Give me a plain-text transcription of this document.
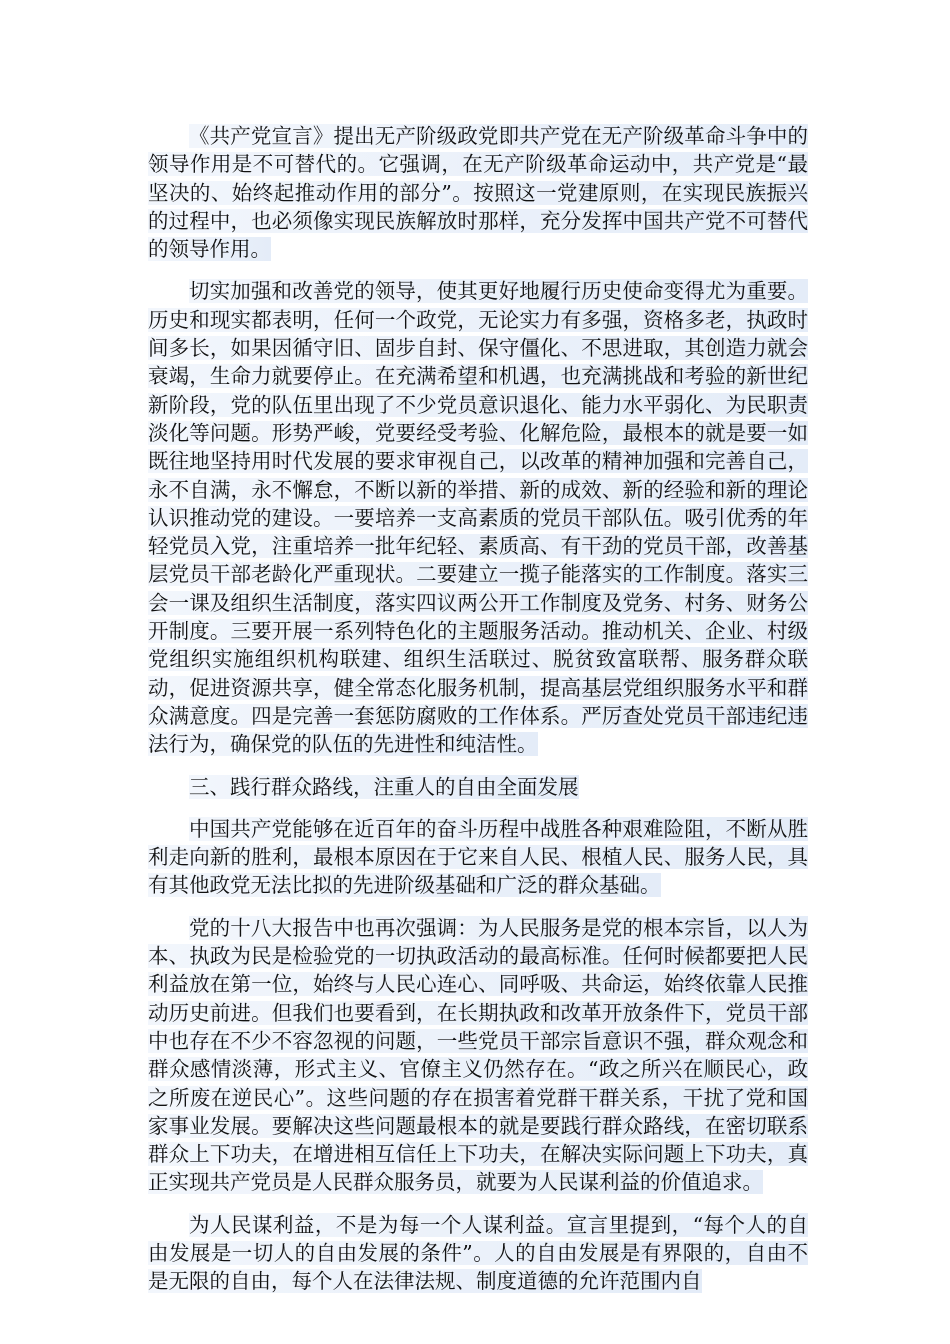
《共产党宣言》提出无产阶级政党即共产党在无产阶级革命斗争中的领导作用是不可替代的。它强调，在无产阶级革命运动中，共产党是“最坚决的、始终起推动作用的部分”。按照这一党建原则，在实现民族振兴的过程中，也必须像实现民族解放时那样，充分发挥中国共产党不可替代的领导作用。

切实加强和改善党的领导，使其更好地履行历史使命变得尤为重要。历史和现实都表明，任何一个政党，无论实力有多强，资格多老，执政时间多长，如果因循守旧、固步自封、保守僵化、不思进取，其创造力就会衰竭，生命力就要停止。在充满希望和机遇，也充满挑战和考验的新世纪新阶段，党的队伍里出现了不少党员意识退化、能力水平弱化、为民职责淡化等问题。形势严峻，党要经受考验、化解危险，最根本的就是要一如既往地坚持用时代发展的要求审视自己，以改革的精神加强和完善自己，永不自满，永不懈怠，不断以新的举措、新的成效、新的经验和新的理论认识推动党的建设。一要培养一支高素质的党员干部队伍。吸引优秀的年轻党员入党，注重培养一批年纪轻、素质高、有干劲的党员干部，改善基层党员干部老龄化严重现状。二要建立一揽子能落实的工作制度。落实三会一课及组织生活制度，落实四议两公开工作制度及党务、村务、财务公开制度。三要开展一系列特色化的主题服务活动。推动机关、企业、村级党组织实施组织机构联建、组织生活联过、脱贫致富联帮、服务群众联动，促进资源共享，健全常态化服务机制，提高基层党组织服务水平和群众满意度。四是完善一套惩防腐败的工作体系。严厉查处党员干部违纪违法行为，确保党的队伍的先进性和纯洁性。

三、践行群众路线，注重人的自由全面发展

中国共产党能够在近百年的奋斗历程中战胜各种艰难险阻，不断从胜利走向新的胜利，最根本原因在于它来自人民、根植人民、服务人民，具有其他政党无法比拟的先进阶级基础和广泛的群众基础。

党的十八大报告中也再次强调：为人民服务是党的根本宗旨，以人为本、执政为民是检验党的一切执政活动的最高标准。任何时候都要把人民利益放在第一位，始终与人民心连心、同呼吸、共命运，始终依靠人民推动历史前进。但我们也要看到，在长期执政和改革开放条件下，党员干部中也存在不少不容忽视的问题，一些党员干部宗旨意识不强，群众观念和群众感情淡薄，形式主义、官僚主义仍然存在。“政之所兴在顺民心，政之所废在逆民心”。这些问题的存在损害着党群干群关系，干扰了党和国家事业发展。要解决这些问题最根本的就是要践行群众路线，在密切联系群众上下功夫，在增进相互信任上下功夫，在解决实际问题上下功夫，真正实现共产党员是人民群众服务员，就要为人民谋利益的价值追求。

为人民谋利益，不是为每一个人谋利益。宣言里提到，“每个人的自由发展是一切人的自由发展的条件”。人的自由发展是有界限的，自由不是无限的自由，每个人在法律法规、制度道德的允许范围内自
